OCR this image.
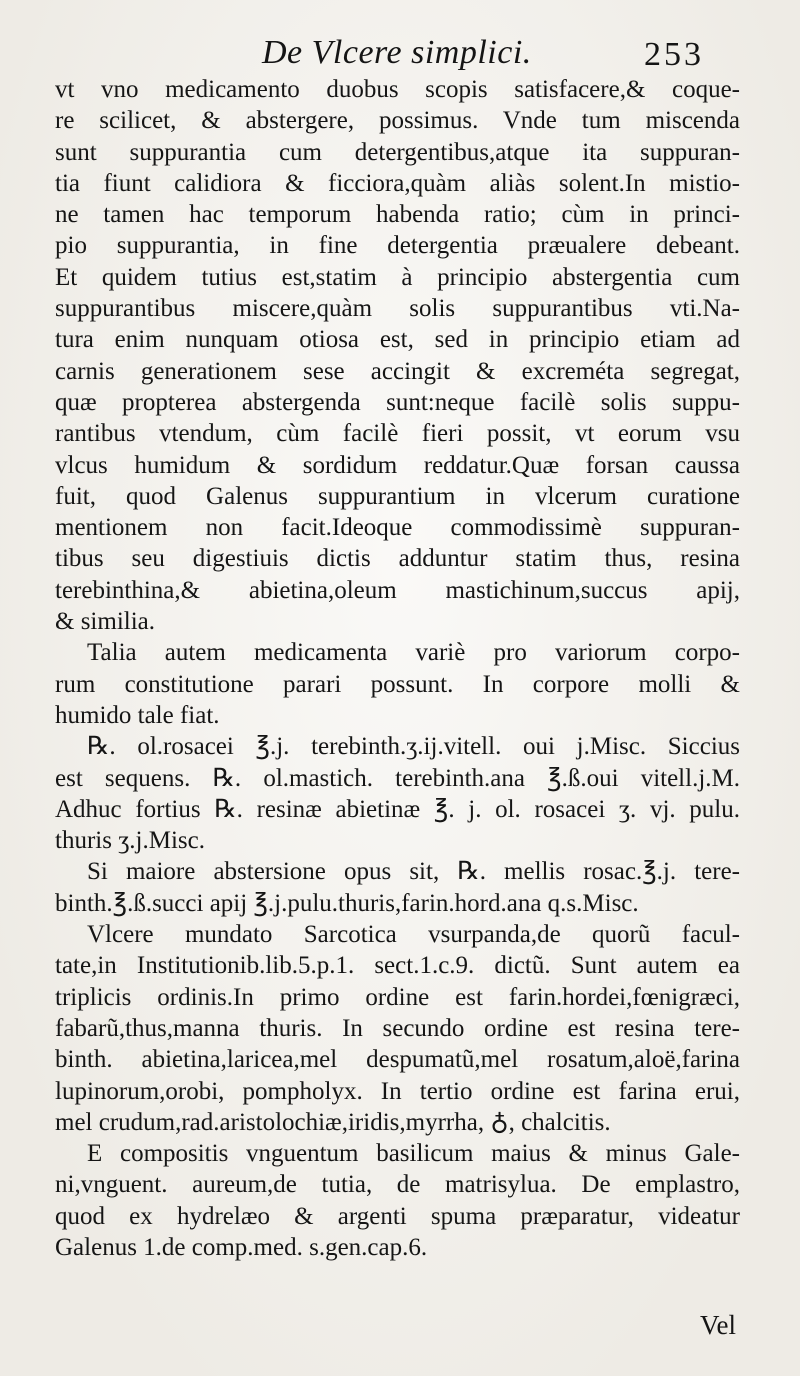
De Vlcere simplici.	253
vt vno medicamento duobus scopis satisfacere,& coque-
re scilicet, & abstergere, possimus. Vnde tum miscenda
sunt suppurantia cum detergentibus,atque ita suppuran-
tia fiunt calidiora & ficciora,quàm aliàs solent.In mistio-
ne tamen hac temporum habenda ratio; cùm in princi-
pio suppurantia, in fine detergentia præualere debeant.
Et quidem tutius est,statim à principio abstergentia cum
suppurantibus miscere,quàm solis suppurantibus vti.Na-
tura enim nunquam otiosa est, sed in principio etiam ad
carnis generationem sese accingit & excreméta segregat,
quæ propterea abstergenda sunt:neque facilè solis suppu-
rantibus vtendum, cùm facilè fieri possit, vt eorum vsu
vlcus humidum & sordidum reddatur.Quæ forsan caussa
fuit, quod Galenus suppurantium in vlcerum curatione
mentionem non facit.Ideoque commodissimè suppuran-
tibus seu digestiuis dictis adduntur statim thus, resina
terebinthina,& abietina,oleum mastichinum,succus apij,
& similia.
Talia autem medicamenta variè pro variorum corpo-
rum constitutione parari possunt. In corpore molli &
humido tale fiat.
℞. ol.rosacei ℥.j. terebinth.ʒ.ij.vitell. oui j.Misc. Siccius
est sequens. ℞. ol.mastich. terebinth.ana ℥.ß.oui vitell.j.M.
Adhuc fortius ℞. resinæ abietinæ ℥. j. ol. rosacei ʒ. vj. pulu.
thuris ʒ.j.Misc.
Si maiore abstersione opus sit, ℞. mellis rosac.℥.j. tere-
binth.℥.ß.succi apij ℥.j.pulu.thuris,farin.hord.ana q.s.Misc.
Vlcere mundato Sarcotica vsurpanda,de quorũ facul-
tate,in Institutionib.lib.5.p.1. sect.1.c.9. dictũ. Sunt autem ea
triplicis ordinis.In primo ordine est farin.hordei,fœnigræci,
fabarũ,thus,manna thuris. In secundo ordine est resina tere-
binth. abietina,laricea,mel despumatũ,mel rosatum,aloë,farina
lupinorum,orobi, pompholyx. In tertio ordine est farina erui,
mel crudum,rad.aristolochiæ,iridis,myrrha, ♁, chalcitis.
E compositis vnguentum basilicum maius & minus Gale-
ni,vnguent. aureum,de tutia, de matrisylua. De emplastro,
quod ex hydrelæo & argenti spuma præparatur, videatur
Galenus 1.de comp.med. s.gen.cap.6.
Vel
